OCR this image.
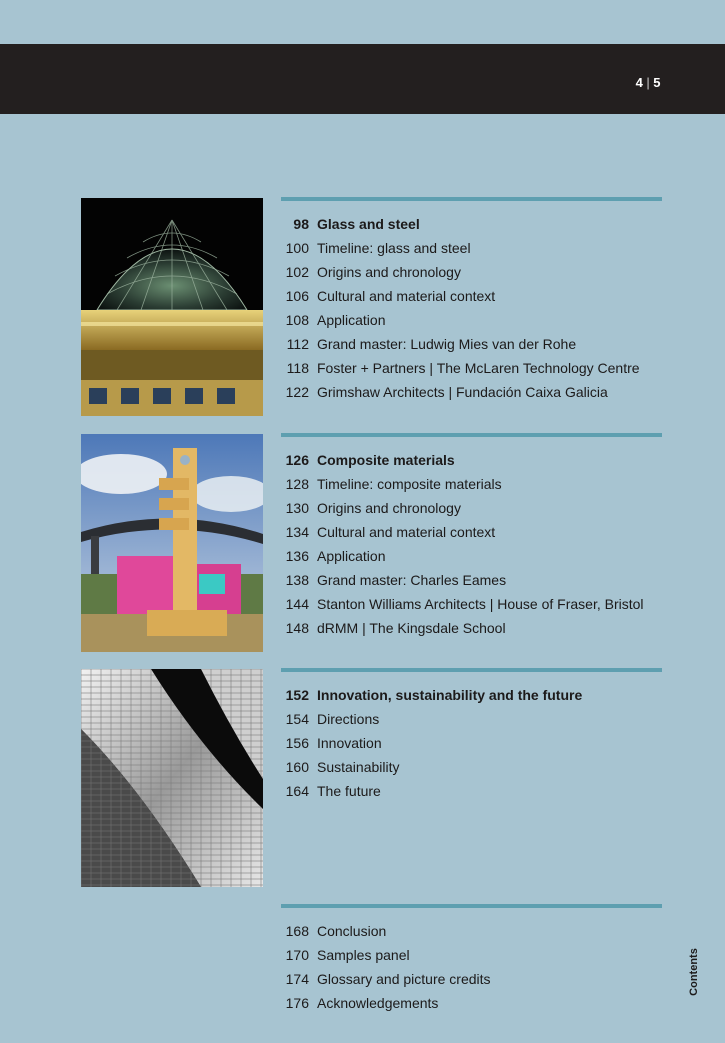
4 | 5
98 Glass and steel
100 Timeline: glass and steel
102 Origins and chronology
106 Cultural and material context
108 Application
112 Grand master: Ludwig Mies van der Rohe
118 Foster + Partners | The McLaren Technology Centre
122 Grimshaw Architects | Fundación Caixa Galicia
126 Composite materials
128 Timeline: composite materials
130 Origins and chronology
134 Cultural and material context
136 Application
138 Grand master: Charles Eames
144 Stanton Williams Architects | House of Fraser, Bristol
148 dRMM | The Kingsdale School
152 Innovation, sustainability and the future
154 Directions
156 Innovation
160 Sustainability
164 The future
168 Conclusion
170 Samples panel
174 Glossary and picture credits
176 Acknowledgements
Contents
